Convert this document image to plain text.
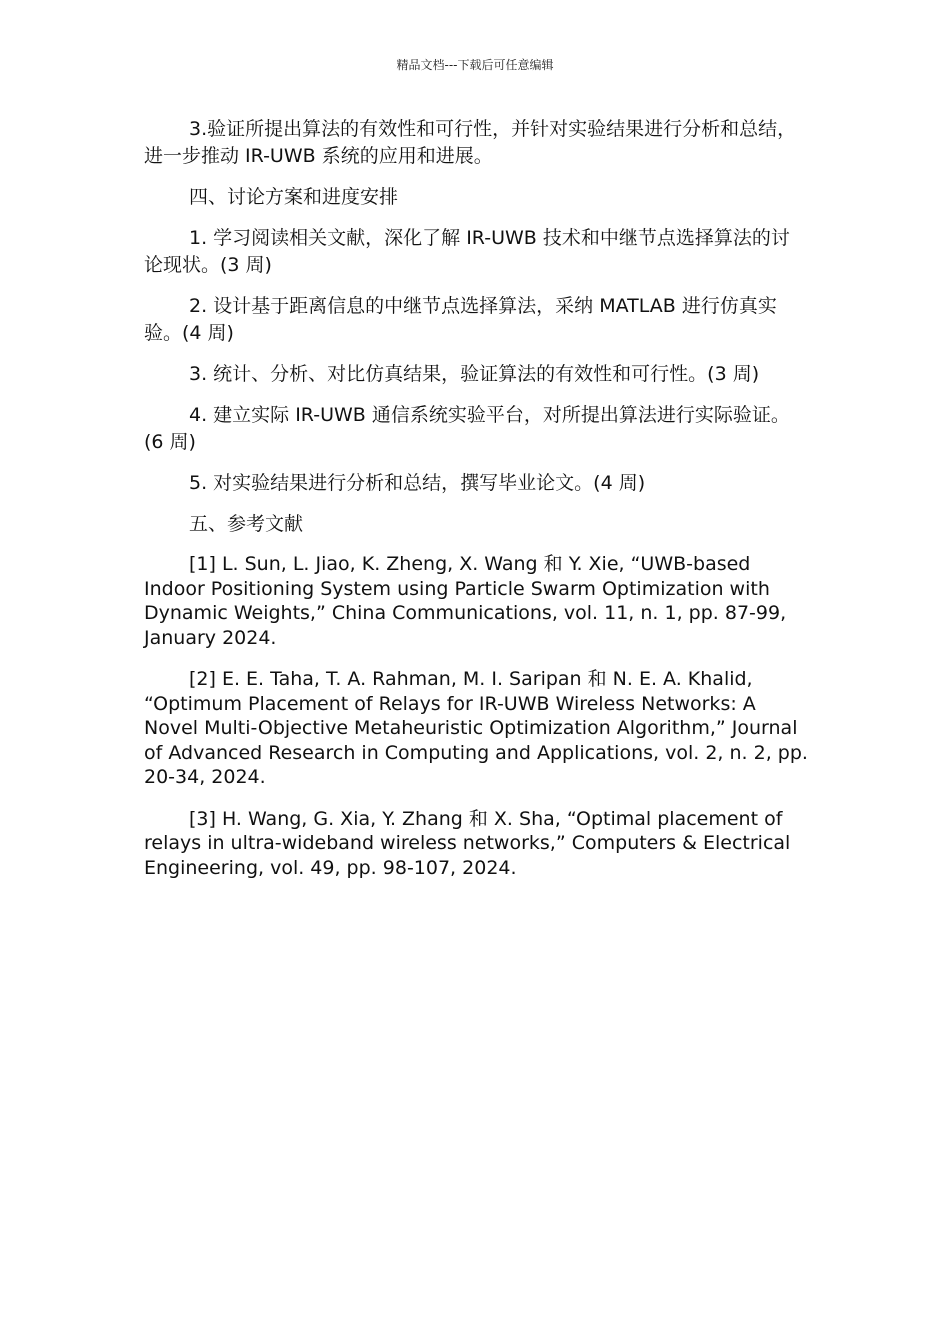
精品文档---下载后可任意编辑

3.验证所提出算法的有效性和可行性，并针对实验结果进行分析和总结，进一步推动 IR-UWB 系统的应用和进展。

四、讨论方案和进度安排

1. 学习阅读相关文献，深化了解 IR-UWB 技术和中继节点选择算法的讨论现状。(3 周)

2. 设计基于距离信息的中继节点选择算法，采纳 MATLAB 进行仿真实验。(4 周)

3. 统计、分析、对比仿真结果，验证算法的有效性和可行性。(3 周)

4. 建立实际 IR-UWB 通信系统实验平台，对所提出算法进行实际验证。(6 周)

5. 对实验结果进行分析和总结，撰写毕业论文。(4 周)

五、参考文献

[1] L. Sun, L. Jiao, K. Zheng, X. Wang 和 Y. Xie, “UWB-based Indoor Positioning System using Particle Swarm Optimization with Dynamic Weights,” China Communications, vol. 11, n. 1, pp. 87-99, January 2024.

[2] E. E. Taha, T. A. Rahman, M. I. Saripan 和 N. E. A. Khalid, “Optimum Placement of Relays for IR-UWB Wireless Networks: A Novel Multi-Objective Metaheuristic Optimization Algorithm,” Journal of Advanced Research in Computing and Applications, vol. 2, n. 2, pp. 20-34, 2024.

[3] H. Wang, G. Xia, Y. Zhang 和 X. Sha, “Optimal placement of relays in ultra-wideband wireless networks,” Computers & Electrical Engineering, vol. 49, pp. 98-107, 2024.
